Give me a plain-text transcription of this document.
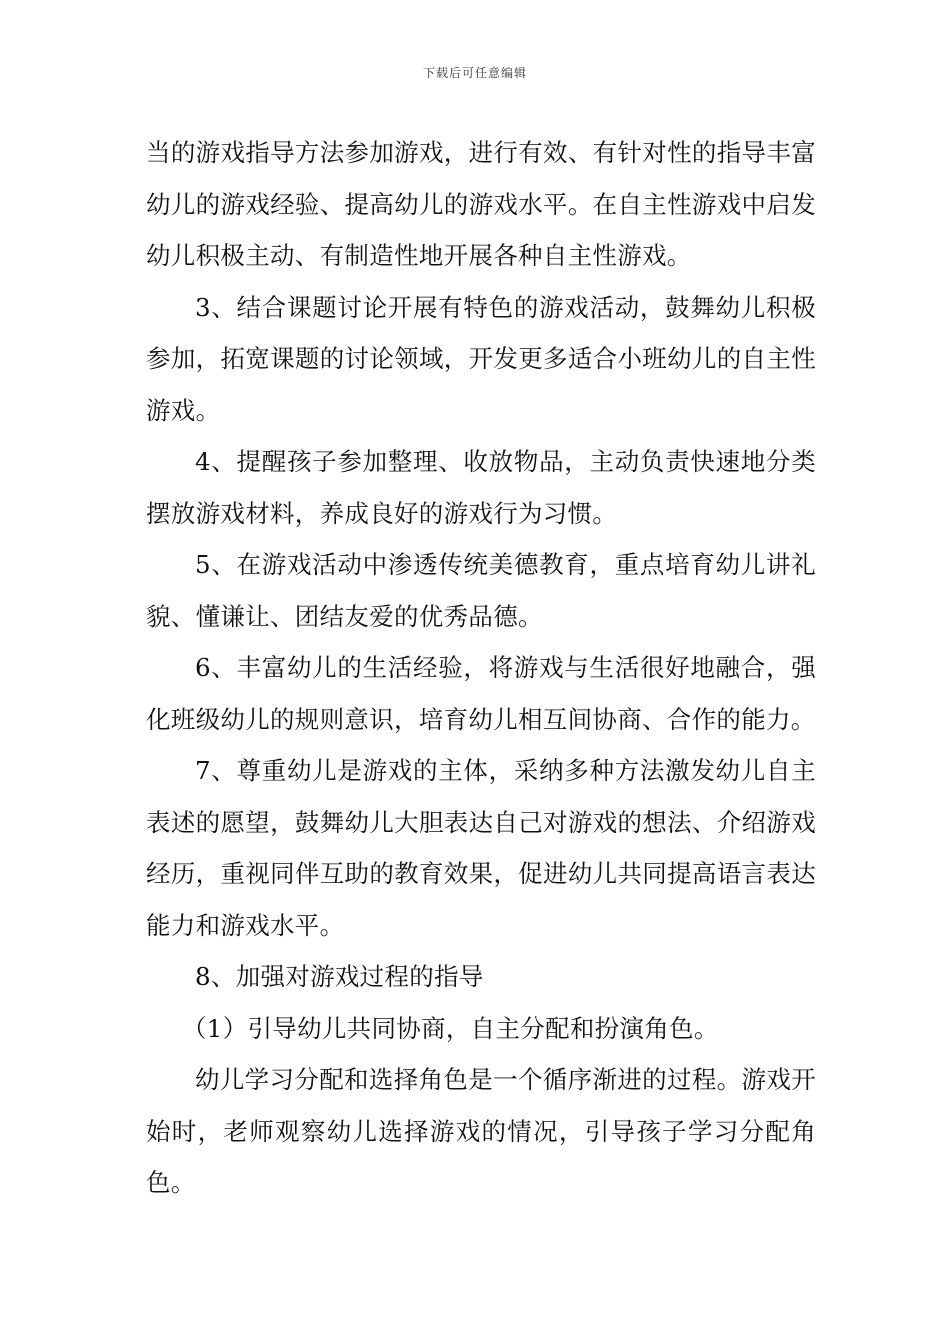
下载后可任意编辑

当的游戏指导方法参加游戏，进行有效、有针对性的指导丰富幼儿的游戏经验、提高幼儿的游戏水平。在自主性游戏中启发幼儿积极主动、有制造性地开展各种自主性游戏。

3、结合课题讨论开展有特色的游戏活动，鼓舞幼儿积极参加，拓宽课题的讨论领域，开发更多适合小班幼儿的自主性游戏。

4、提醒孩子参加整理、收放物品，主动负责快速地分类摆放游戏材料，养成良好的游戏行为习惯。

5、在游戏活动中渗透传统美德教育，重点培育幼儿讲礼貌、懂谦让、团结友爱的优秀品德。

6、丰富幼儿的生活经验，将游戏与生活很好地融合，强化班级幼儿的规则意识，培育幼儿相互间协商、合作的能力。

7、尊重幼儿是游戏的主体，采纳多种方法激发幼儿自主表述的愿望，鼓舞幼儿大胆表达自己对游戏的想法、介绍游戏经历，重视同伴互助的教育效果，促进幼儿共同提高语言表达能力和游戏水平。

8、加强对游戏过程的指导

（1）引导幼儿共同协商，自主分配和扮演角色。

幼儿学习分配和选择角色是一个循序渐进的过程。游戏开始时，老师观察幼儿选择游戏的情况，引导孩子学习分配角色。
